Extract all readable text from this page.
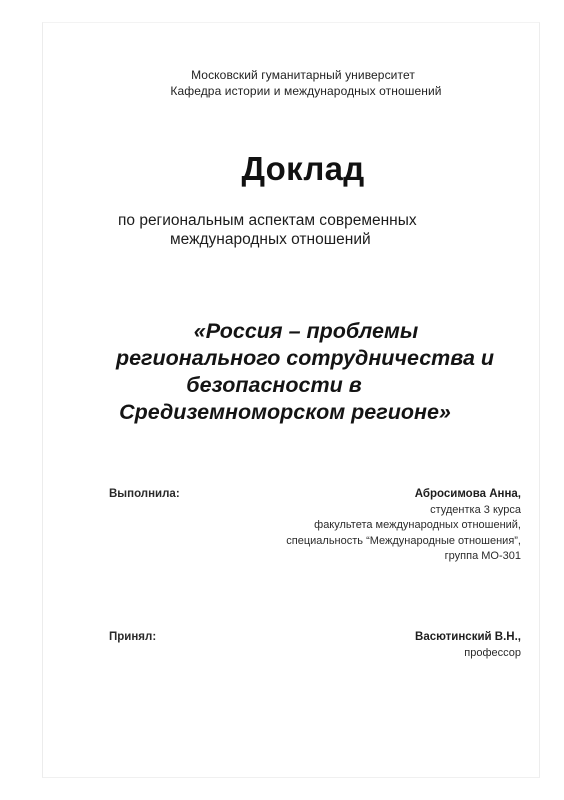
Московский гуманитарный университет
Кафедра истории и международных отношений
Доклад
по региональным аспектам современных
международных отношений
«Россия – проблемы
регионального сотрудничества и
безопасности в
Средиземноморском регионе»
Выполнила:	Абросимова Анна,
студентка 3 курса
факультета международных отношений,
специальность “Международные отношения”,
группа МО-301
Принял:	Васютинский В.Н.,
профессор
